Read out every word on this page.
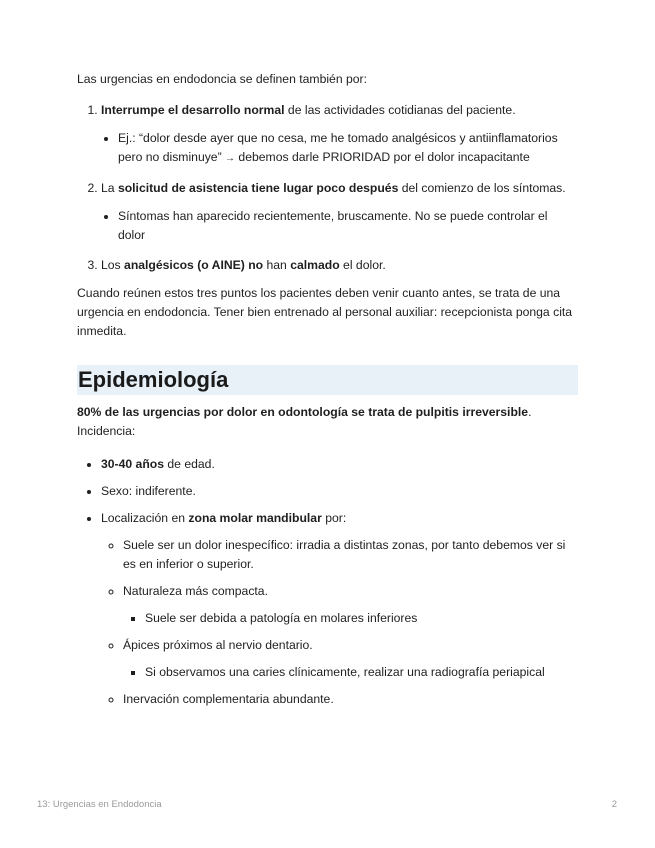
Las urgencias en endodoncia se definen también por:

1. Interrumpe el desarrollo normal de las actividades cotidianas del paciente.
• Ej.: “dolor desde ayer que no cesa, me he tomado analgésicos y antiinflamatorios pero no disminuye” → debemos darle PRIORIDAD por el dolor incapacitante
2. La solicitud de asistencia tiene lugar poco después del comienzo de los síntomas.
• Síntomas han aparecido recientemente, bruscamente. No se puede controlar el dolor
3. Los analgésicos (o AINE) no han calmado el dolor.

Cuando reúnen estos tres puntos los pacientes deben venir cuanto antes, se trata de una urgencia en endodoncia. Tener bien entrenado al personal auxiliar: recepcionista ponga cita inmedita.

Epidemiología

80% de las urgencias por dolor en odontología se trata de pulpitis irreversible.

Incidencia:

• 30-40 años de edad.
• Sexo: indiferente.
• Localización en zona molar mandibular por:
◦ Suele ser un dolor inespecífico: irradia a distintas zonas, por tanto debemos ver si es en inferior o superior.
◦ Naturaleza más compacta.
▪ Suele ser debida a patología en molares inferiores
◦ Ápices próximos al nervio dentario.
▪ Si observamos una caries clínicamente, realizar una radiografía periapical
◦ Inervación complementaria abundante.
13: Urgencias en Endodoncia	2
